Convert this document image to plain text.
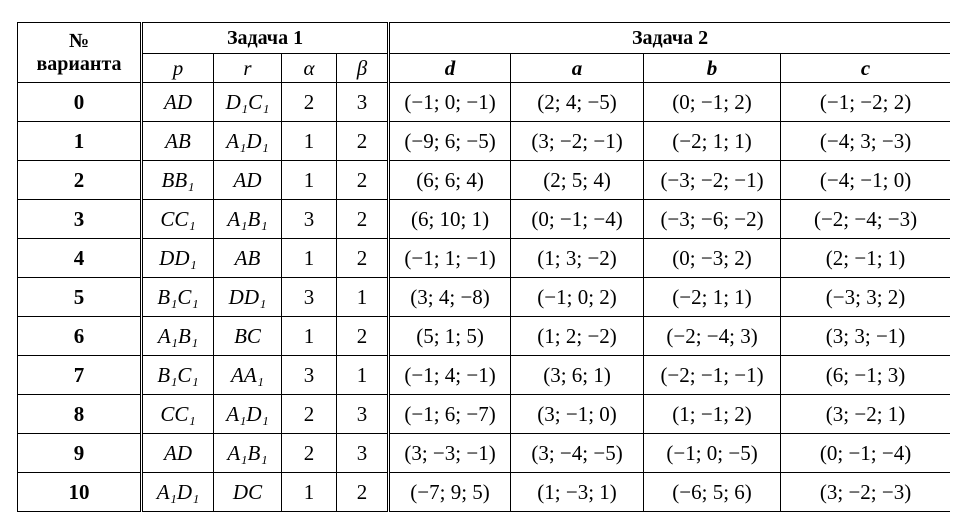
№
варианта	Задача 1				Задача 2			
	p	r	α	β	d	a	b	c
0	AD	D₁C₁	2	3	(−1; 0; −1)	(2; 4; −5)	(0; −1; 2)	(−1; −2; 2)
1	AB	A₁D₁	1	2	(−9; 6; −5)	(3; −2; −1)	(−2; 1; 1)	(−4; 3; −3)
2	BB₁	AD	1	2	(6; 6; 4)	(2; 5; 4)	(−3; −2; −1)	(−4; −1; 0)
3	CC₁	A₁B₁	3	2	(6; 10; 1)	(0; −1; −4)	(−3; −6; −2)	(−2; −4; −3)
4	DD₁	AB	1	2	(−1; 1; −1)	(1; 3; −2)	(0; −3; 2)	(2; −1; 1)
5	B₁C₁	DD₁	3	1	(3; 4; −8)	(−1; 0; 2)	(−2; 1; 1)	(−3; 3; 2)
6	A₁B₁	BC	1	2	(5; 1; 5)	(1; 2; −2)	(−2; −4; 3)	(3; 3; −1)
7	B₁C₁	AA₁	3	1	(−1; 4; −1)	(3; 6; 1)	(−2; −1; −1)	(6; −1; 3)
8	CC₁	A₁D₁	2	3	(−1; 6; −7)	(3; −1; 0)	(1; −1; 2)	(3; −2; 1)
9	AD	A₁B₁	2	3	(3; −3; −1)	(3; −4; −5)	(−1; 0; −5)	(0; −1; −4)
10	A₁D₁	DC	1	2	(−7; 9; 5)	(1; −3; 1)	(−6; 5; 6)	(3; −2; −3)
